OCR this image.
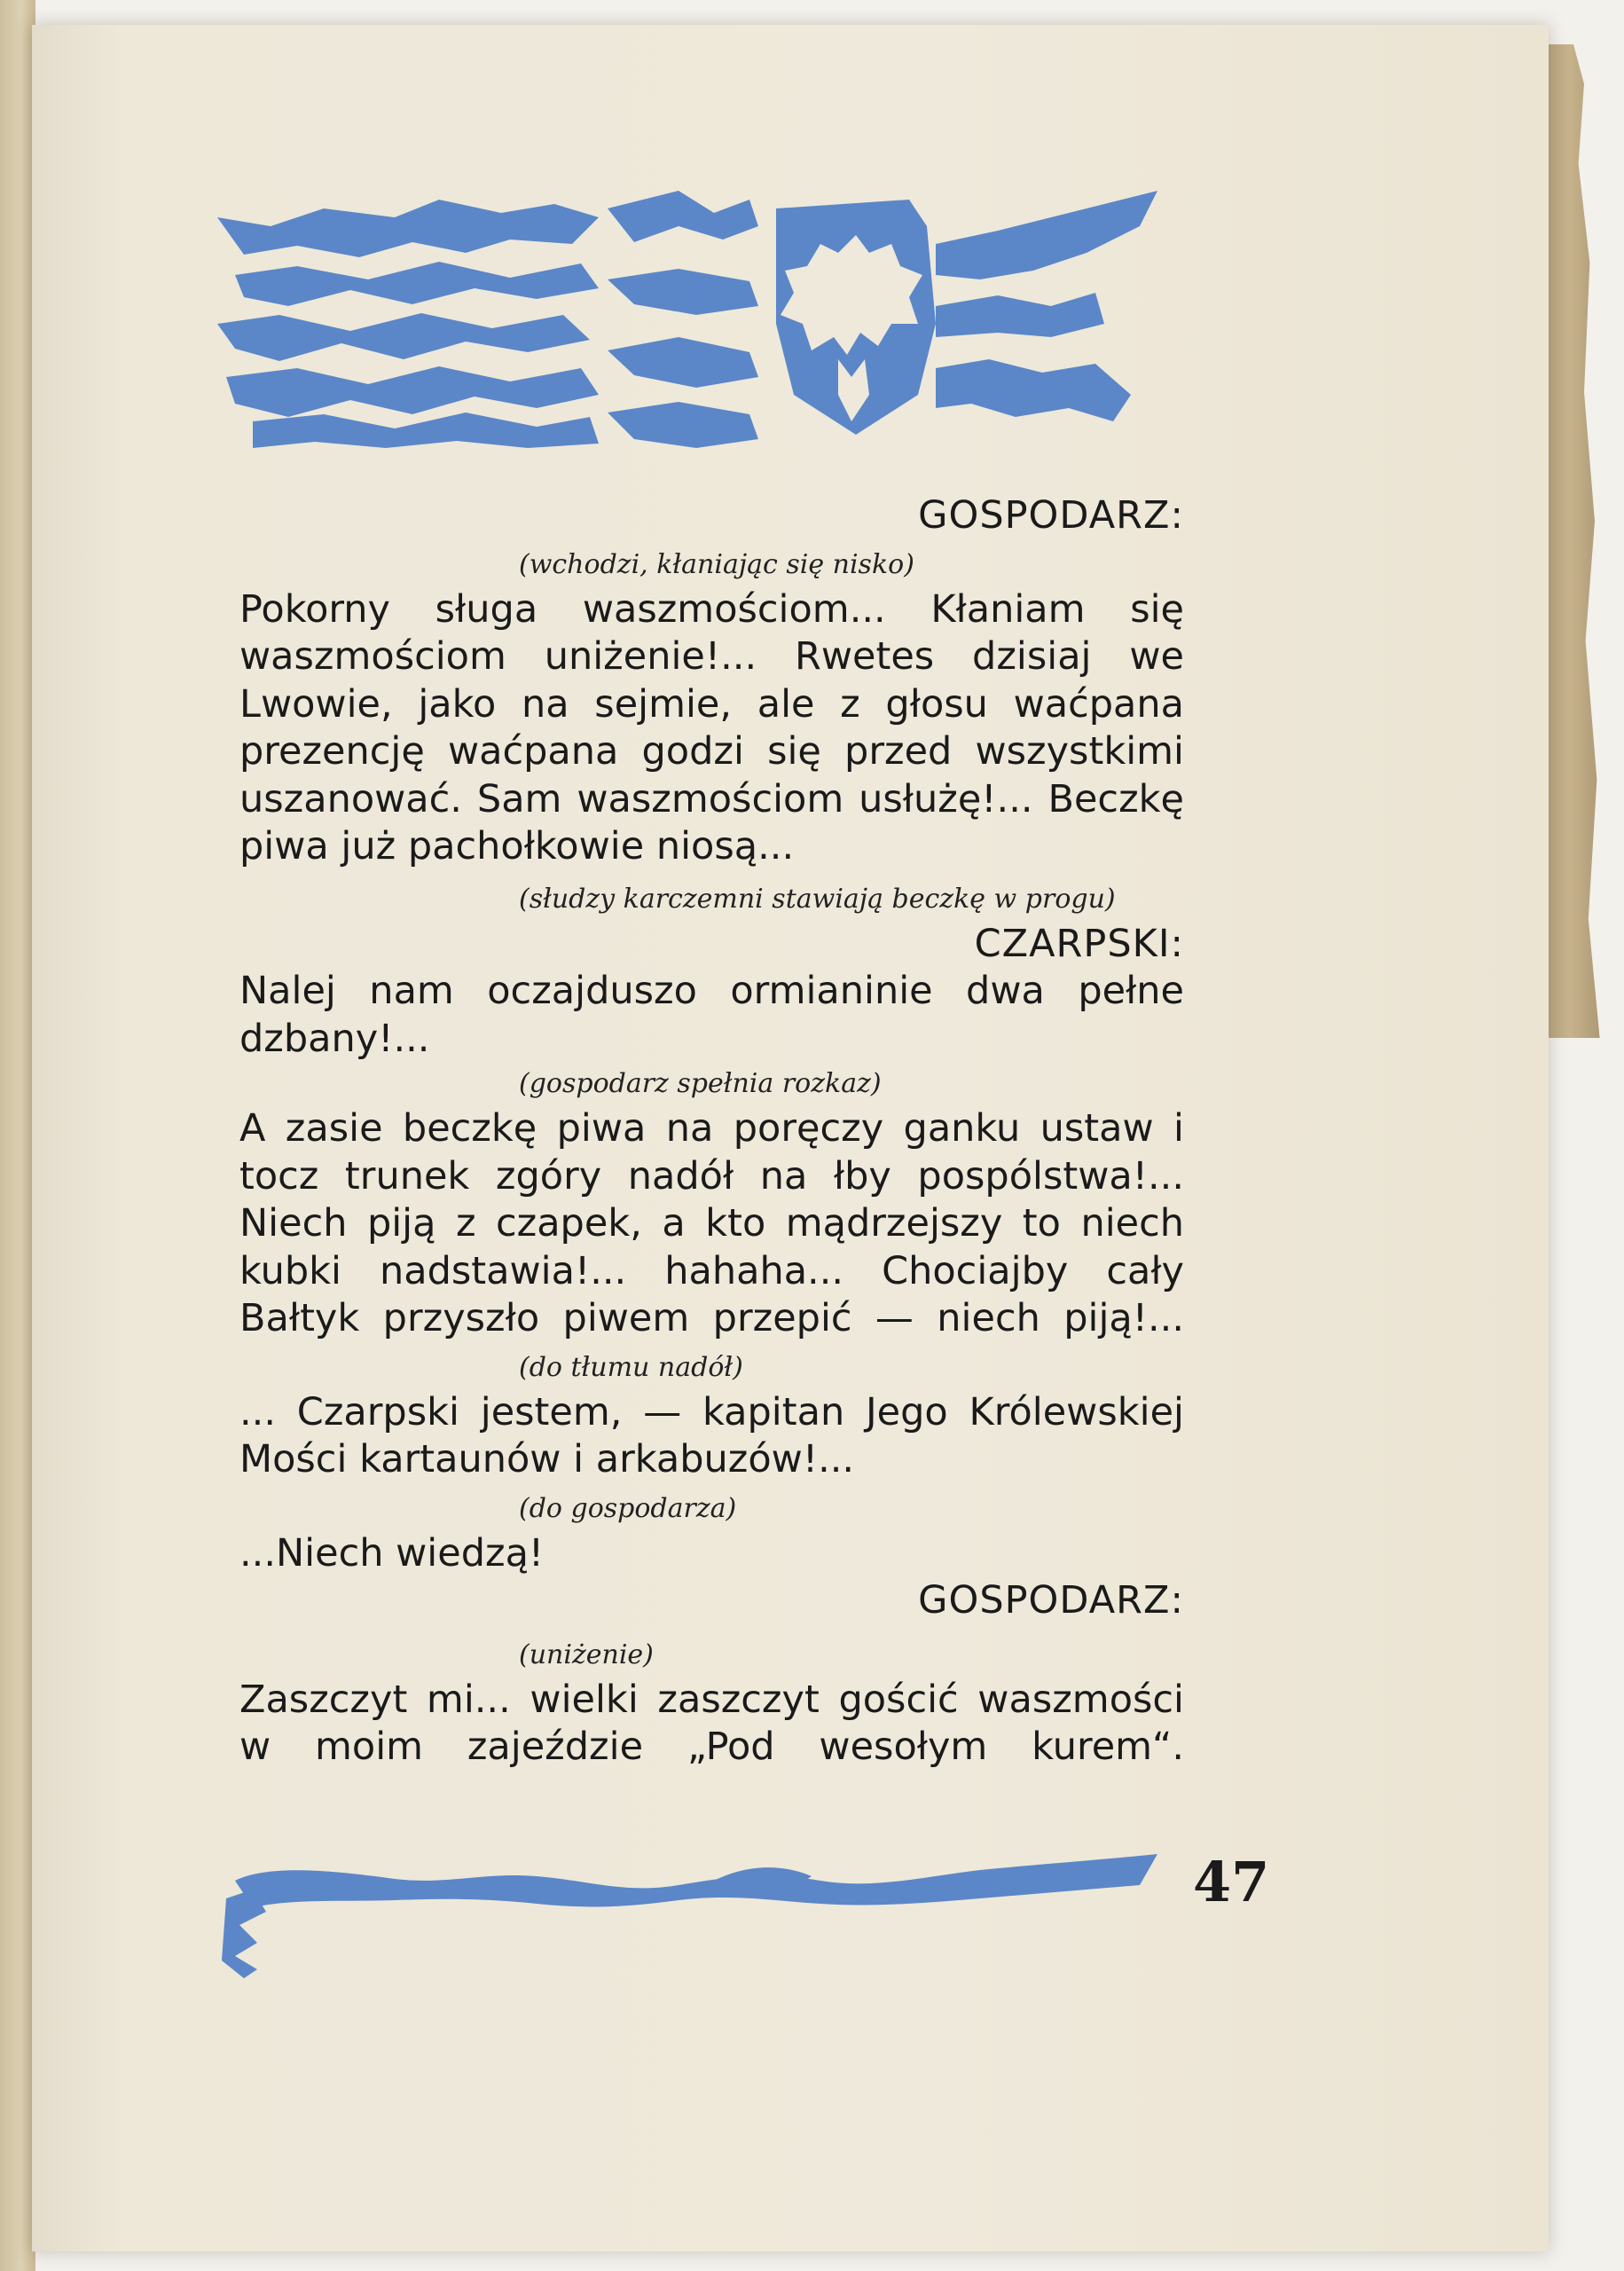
GOSPODARZ:

(wchodzi, kłaniając się nisko)

Pokorny sługa waszmościom... Kłaniam się waszmościom uniżenie!... Rwetes dzisiaj we Lwowie, jako na sejmie, ale z głosu waćpana prezencję waćpana godzi się przed wszystkimi uszanować. Sam waszmościom usłużę!... Beczkę piwa już pachołkowie niosą...

(słudzy karczemni stawiają beczkę w progu)

CZARPSKI:

Nalej nam oczajduszo ormianinie dwa pełne dzbany!...

(gospodarz spełnia rozkaz)

A zasie beczkę piwa na poręczy ganku ustaw i tocz trunek zgóry nadół na łby pospólstwa!... Niech piją z czapek, a kto mądrzejszy to niech kubki nadstawia!... hahaha... Chociajby cały Bałtyk przyszło piwem przepić — niech piją!...

(do tłumu nadół)

... Czarpski jestem, — kapitan Jego Królewskiej Mości kartaunów i arkabuzów!...

(do gospodarza)

...Niech wiedzą!

GOSPODARZ:

(uniżenie)

Zaszczyt mi... wielki zaszczyt gościć waszmości w moim zajeździe „Pod wesołym kurem“.

47
